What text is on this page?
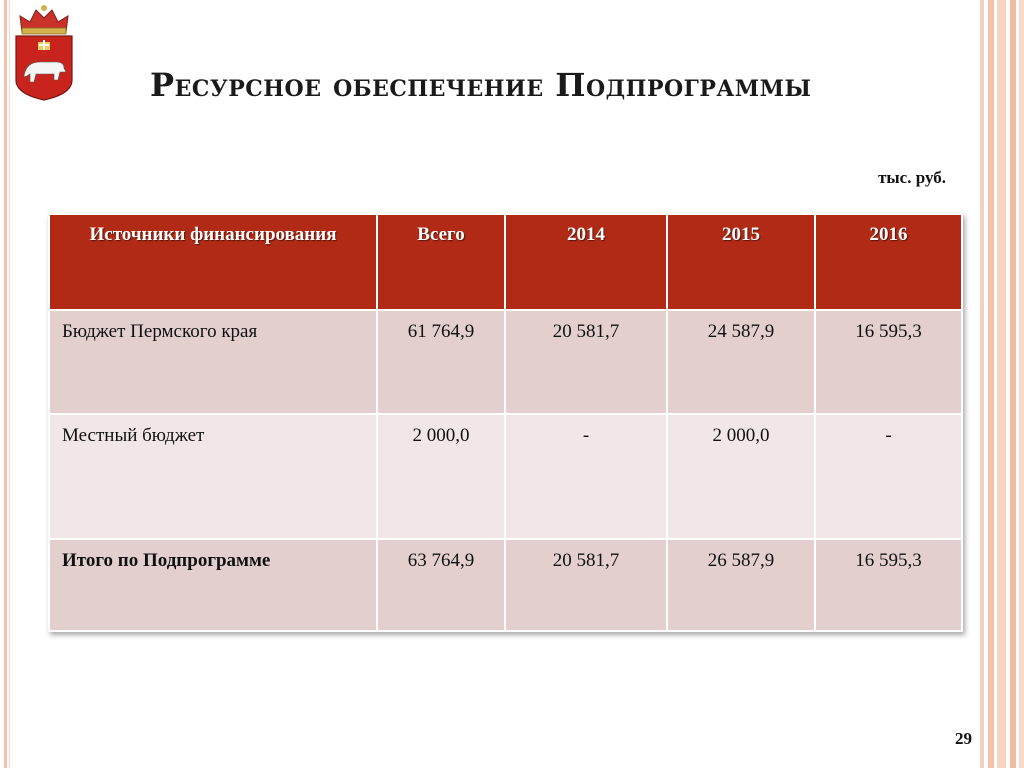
Ресурсное обеспечение Подпрограммы
тыс. руб.
Источники финансирования	Всего	2014	2015	2016
Бюджет Пермского края	61 764,9	20 581,7	24 587,9	16 595,3
Местный бюджет	2 000,0	-	2 000,0	-
Итого по Подпрограмме	63 764,9	20 581,7	26 587,9	16 595,3
29
